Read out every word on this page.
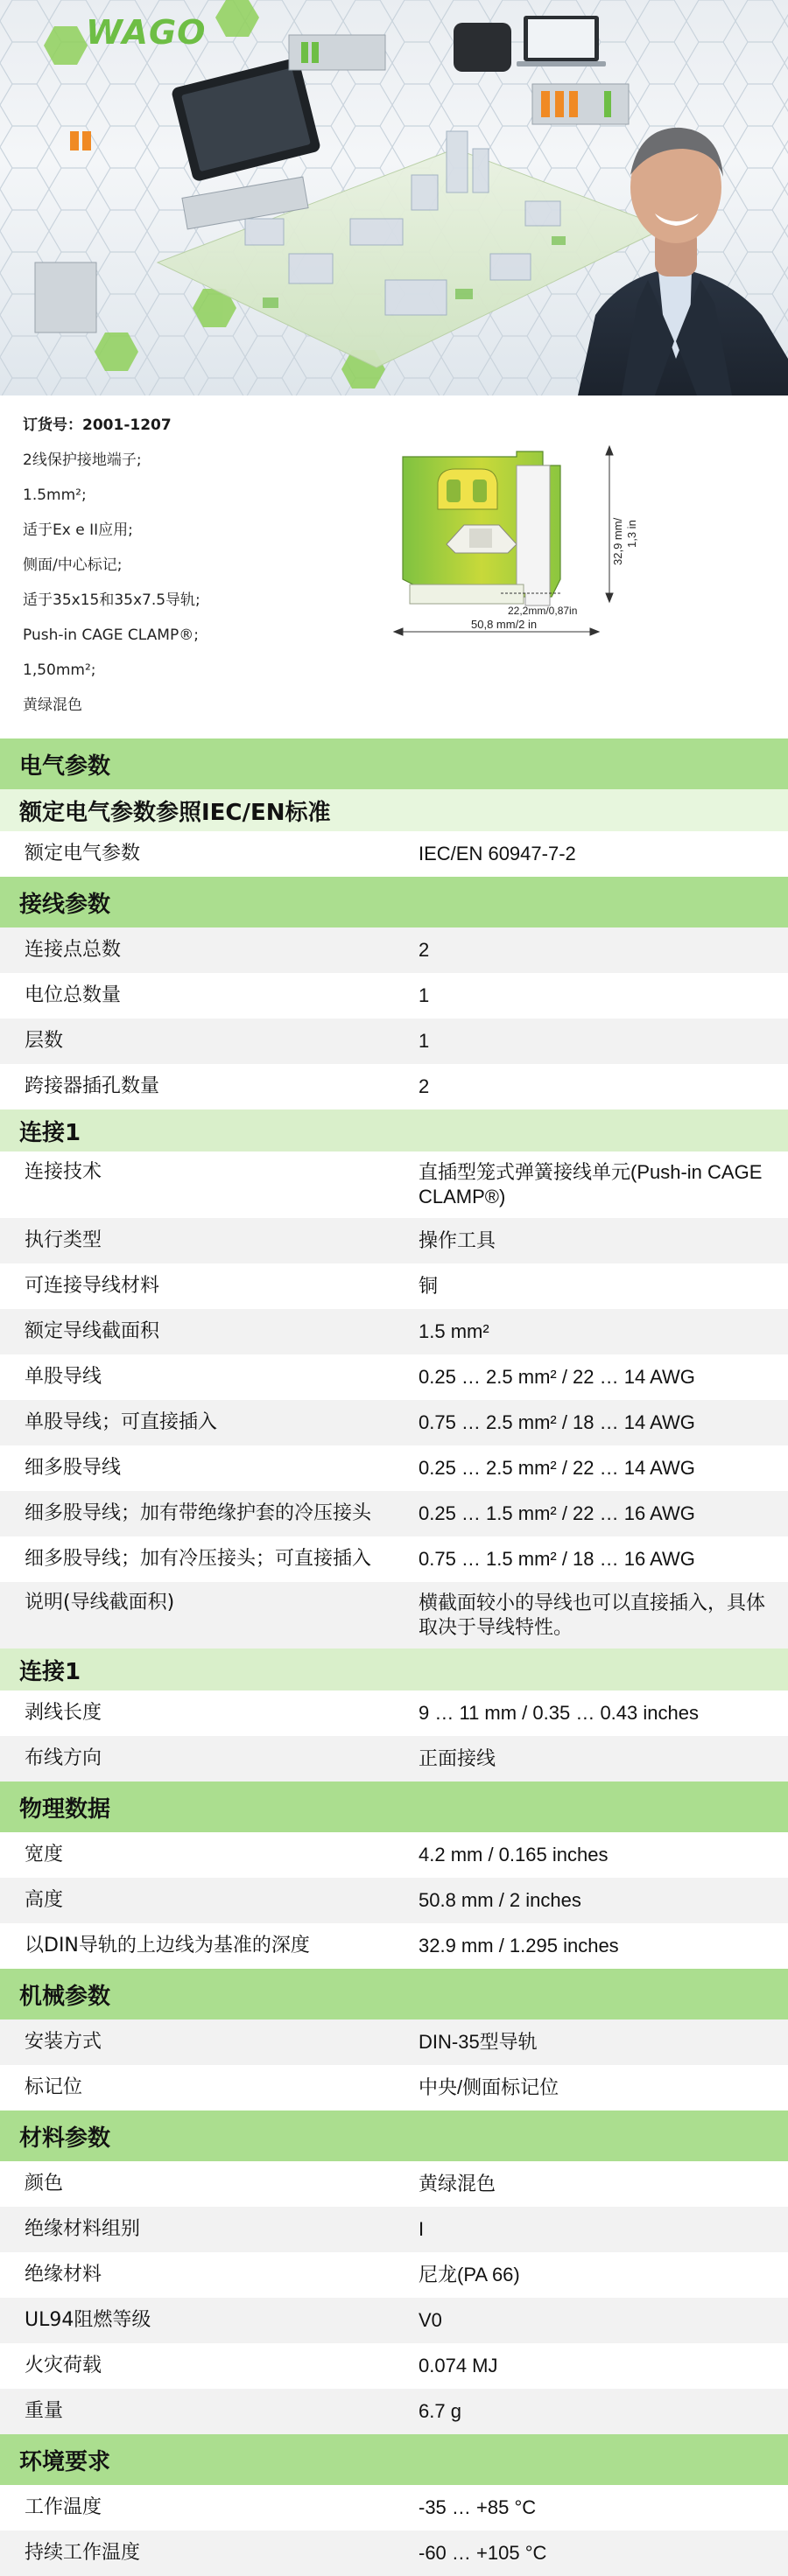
WAGO
订货号：2001-1207
2线保护接地端子;
1.5mm²;
适于Ex e II应用;
侧面/中心标记;
适于35x15和35x7.5导轨;
Push-in CAGE CLAMP®;
1,50mm²;
黄绿混色
32,9 mm/ 1,3 in
22,2mm/0,87in
50,8 mm/2 in
电气参数
额定电气参数参照IEC/EN标准
额定电气参数	IEC/EN 60947-7-2
接线参数
连接点总数	2
电位总数量	1
层数	1
跨接器插孔数量	2
连接1
连接技术	直插型笼式弹簧接线单元(Push-in CAGE CLAMP®)
执行类型	操作工具
可连接导线材料	铜
额定导线截面积	1.5 mm²
单股导线	0.25 … 2.5 mm² / 22 … 14 AWG
单股导线；可直接插入	0.75 … 2.5 mm² / 18 … 14 AWG
细多股导线	0.25 … 2.5 mm² / 22 … 14 AWG
细多股导线；加有带绝缘护套的冷压接头	0.25 … 1.5 mm² / 22 … 16 AWG
细多股导线；加有冷压接头；可直接插入	0.75 … 1.5 mm² / 18 … 16 AWG
说明(导线截面积)	横截面较小的导线也可以直接插入，具体取决于导线特性。
连接1
剥线长度	9 … 11 mm / 0.35 … 0.43 inches
布线方向	正面接线
物理数据
宽度	4.2 mm / 0.165 inches
高度	50.8 mm / 2 inches
以DIN导轨的上边线为基准的深度	32.9 mm / 1.295 inches
机械参数
安装方式	DIN-35型导轨
标记位	中央/侧面标记位
材料参数
颜色	黄绿混色
绝缘材料组别	I
绝缘材料	尼龙(PA 66)
UL94阻燃等级	V0
火灾荷载	0.074 MJ
重量	6.7 g
环境要求
工作温度	-35 … +85 °C
持续工作温度	-60 … +105 °C
